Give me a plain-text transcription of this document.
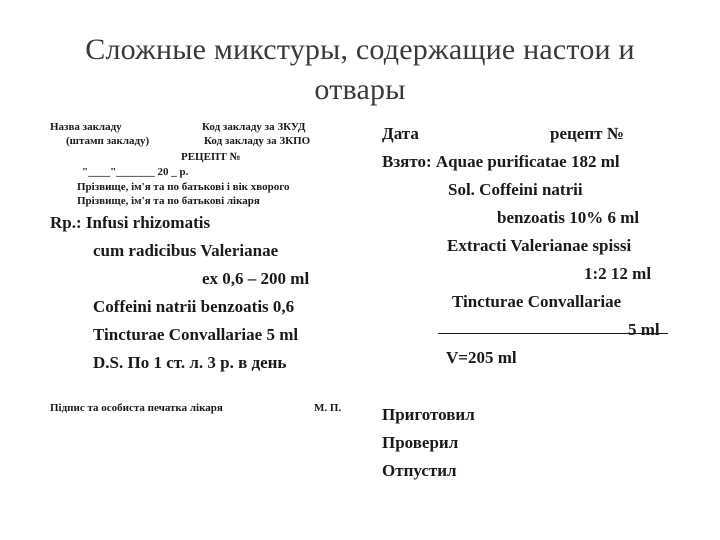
Сложные микстуры, содержащие настои и
отвары
Назва закладу
(штамп закладу)
Код закладу за ЗКУД
Код закладу за ЗКПО
РЕЦЕПТ №
"____"_______ 20 _ р.
Прізвище, ім'я та по батькові і вік хворого
Прізвище, ім'я та по батькові лікаря
Rp.: Infusi rhizomatis
cum radicibus Valerianae
ex 0,6 – 200 ml
Coffeini natrii benzoatis 0,6
Tincturae Convallariae 5 ml
D.S. По 1 ст. л. 3 р. в день
Підпис та особиста печатка лікаря	М. П.
Дата	рецепт №
Взято: Aquae purificatae 182 ml
Sol. Coffeini natrii
benzoatis 10% 6 ml
Extracti Valerianae spissi
1:2 12 ml
Tincturae Convallariae
5 ml
V=205 ml
Приготовил
Проверил
Отпустил
